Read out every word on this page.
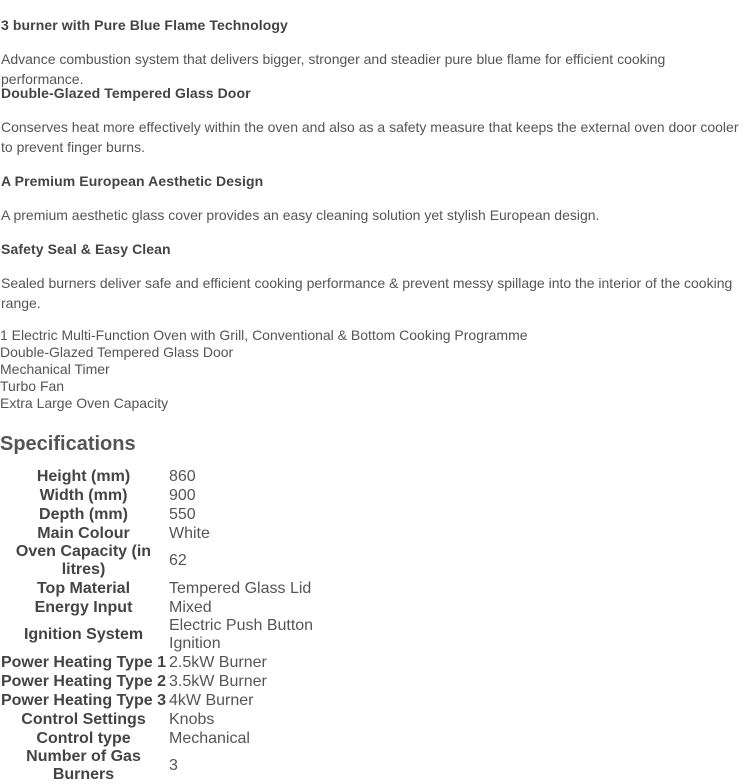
3 burner with Pure Blue Flame Technology
Advance combustion system that delivers bigger, stronger and steadier pure blue flame for efficient cooking performance.
Double-Glazed Tempered Glass Door
Conserves heat more effectively within the oven and also as a safety measure that keeps the external oven door cooler to prevent finger burns.
A Premium European Aesthetic Design
A premium aesthetic glass cover provides an easy cleaning solution yet stylish European design.
Safety Seal & Easy Clean
Sealed burners deliver safe and efficient cooking performance & prevent messy spillage into the interior of the cooking range.
1 Electric Multi-Function Oven with Grill, Conventional & Bottom Cooking Programme
Double-Glazed Tempered Glass Door
Mechanical Timer
Turbo Fan
Extra Large Oven Capacity
Specifications
Height (mm)	860
Width (mm)	900
Depth (mm)	550
Main Colour	White
Oven Capacity (in litres)	62
Top Material	Tempered Glass Lid
Energy Input	Mixed
Ignition System	Electric Push Button Ignition
Power Heating Type 1	2.5kW Burner
Power Heating Type 2	3.5kW Burner
Power Heating Type 3	4kW Burner
Control Settings	Knobs
Control type	Mechanical
Number of Gas Burners	3
